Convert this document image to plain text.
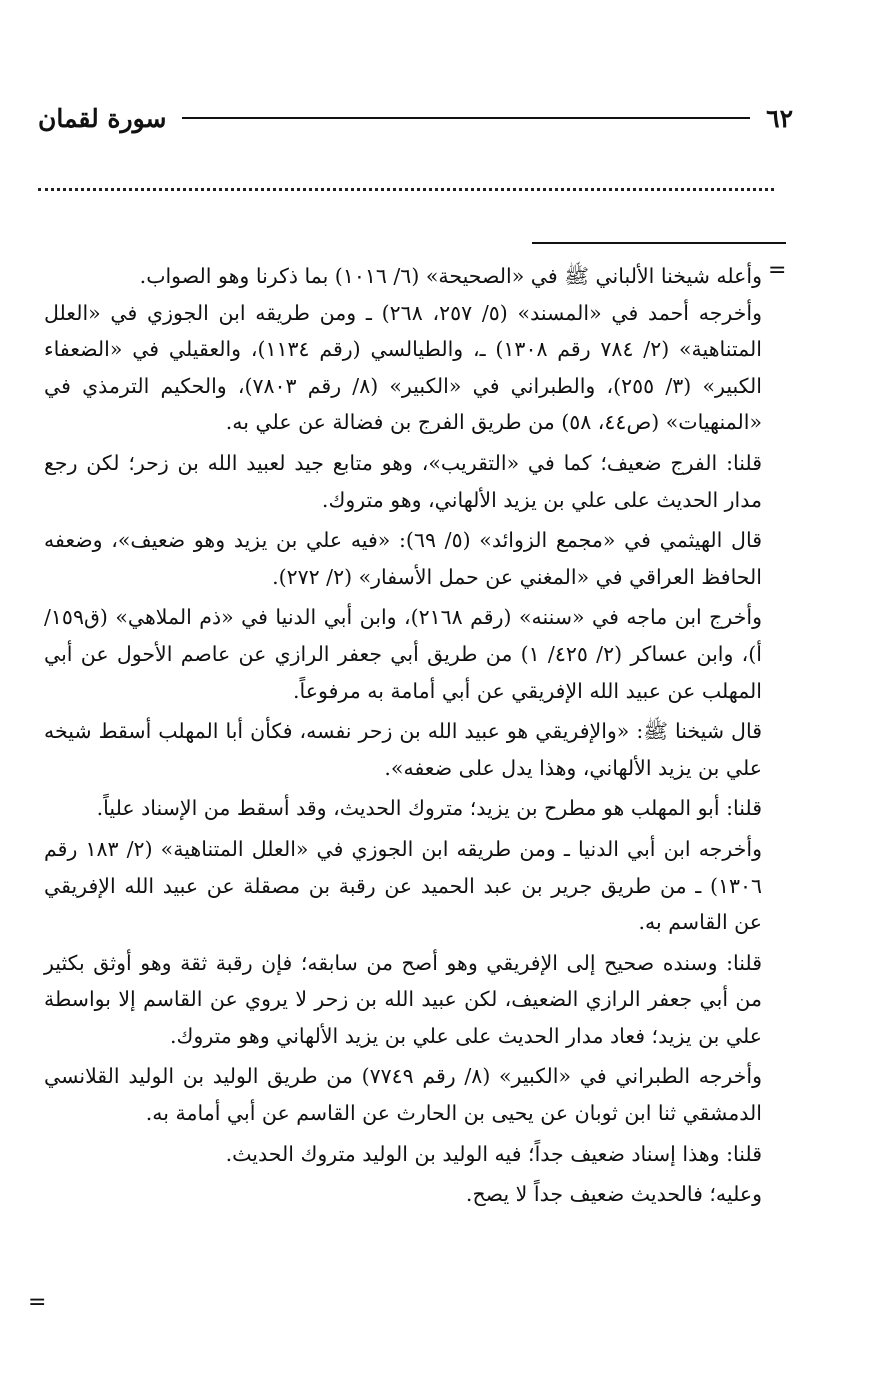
٦٢
سورة لقمان
=
=

وأعله شيخنا الألباني ﷺ في «الصحيحة» (٦/ ١٠١٦) بما ذكرنا وهو الصواب.

وأخرجه أحمد في «المسند» (٥/ ٢٥٧، ٢٦٨) ـ ومن طريقه ابن الجوزي في «العلل المتناهية» (٢/ ٧٨٤ رقم ١٣٠٨) ـ، والطيالسي (رقم ١١٣٤)، والعقيلي في «الضعفاء الكبير» (٣/ ٢٥٥)، والطبراني في «الكبير» (٨/ رقم ٧٨٠٣)، والحكيم الترمذي في «المنهيات» (ص٤٤، ٥٨) من طريق الفرج بن فضالة عن علي به.

قلنا: الفرج ضعيف؛ كما في «التقريب»، وهو متابع جيد لعبيد الله بن زحر؛ لكن رجع مدار الحديث على علي بن يزيد الألهاني، وهو متروك.

قال الهيثمي في «مجمع الزوائد» (٥/ ٦٩): «فيه علي بن يزيد وهو ضعيف»، وضعفه الحافظ العراقي في «المغني عن حمل الأسفار» (٢/ ٢٧٢).

وأخرج ابن ماجه في «سننه» (رقم ٢١٦٨)، وابن أبي الدنيا في «ذم الملاهي» (ق١٥٩/ أ)، وابن عساكر (٢/ ٤٢٥/ ١) من طريق أبي جعفر الرازي عن عاصم الأحول عن أبي المهلب عن عبيد الله الإفريقي عن أبي أمامة به مرفوعاً.

قال شيخنا ﷺ: «والإفريقي هو عبيد الله بن زحر نفسه، فكأن أبا المهلب أسقط شيخه علي بن يزيد الألهاني، وهذا يدل على ضعفه».

قلنا: أبو المهلب هو مطرح بن يزيد؛ متروك الحديث، وقد أسقط من الإسناد علياً.

وأخرجه ابن أبي الدنيا ـ ومن طريقه ابن الجوزي في «العلل المتناهية» (٢/ ١٨٣ رقم ١٣٠٦) ـ من طريق جرير بن عبد الحميد عن رقبة بن مصقلة عن عبيد الله الإفريقي عن القاسم به.

قلنا: وسنده صحيح إلى الإفريقي وهو أصح من سابقه؛ فإن رقبة ثقة وهو أوثق بكثير من أبي جعفر الرازي الضعيف، لكن عبيد الله بن زحر لا يروي عن القاسم إلا بواسطة علي بن يزيد؛ فعاد مدار الحديث على علي بن يزيد الألهاني وهو متروك.

وأخرجه الطبراني في «الكبير» (٨/ رقم ٧٧٤٩) من طريق الوليد بن الوليد القلانسي الدمشقي ثنا ابن ثوبان عن يحيى بن الحارث عن القاسم عن أبي أمامة به.

قلنا: وهذا إسناد ضعيف جداً؛ فيه الوليد بن الوليد متروك الحديث.

وعليه؛ فالحديث ضعيف جداً لا يصح.
